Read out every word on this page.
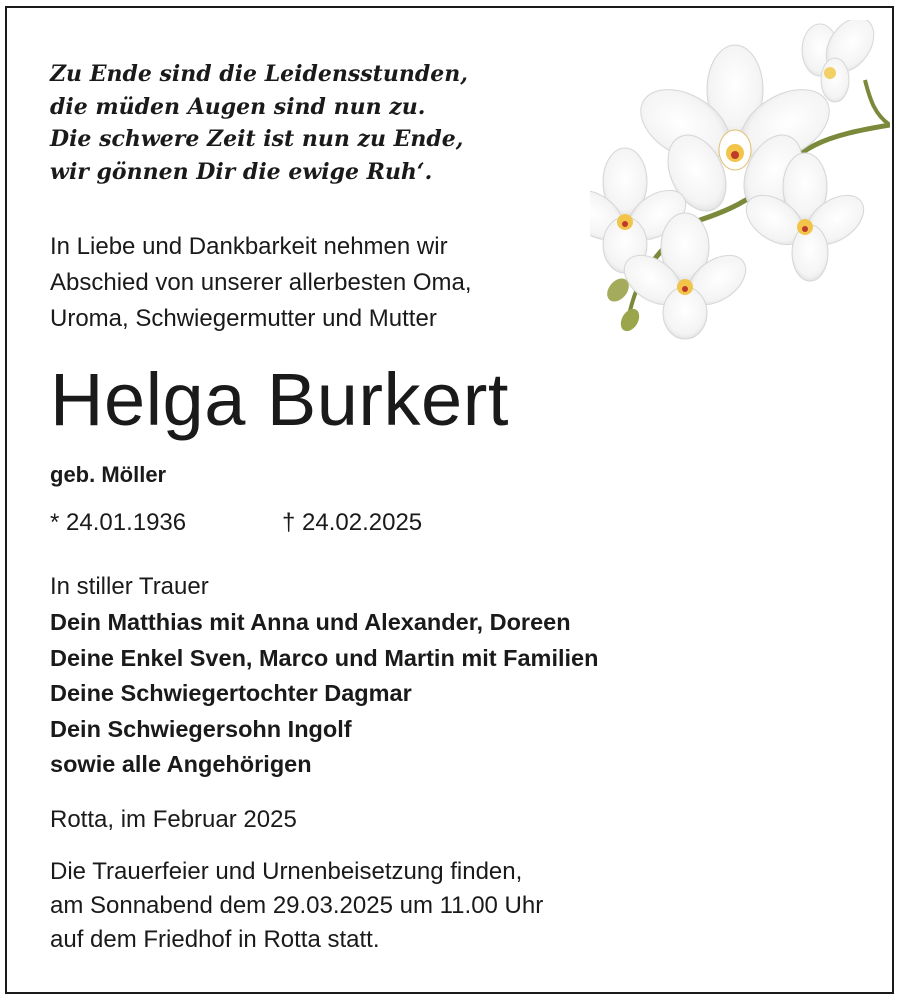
Zu Ende sind die Leidensstunden,
die müden Augen sind nun zu.
Die schwere Zeit ist nun zu Ende,
wir gönnen Dir die ewige Ruh‘.
In Liebe und Dankbarkeit nehmen wir
Abschied von unserer allerbesten Oma,
Uroma, Schwiegermutter und Mutter
Helga Burkert
geb. Möller
* 24.01.1936	† 24.02.2025
In stiller Trauer
Dein Matthias mit Anna und Alexander, Doreen
Deine Enkel Sven, Marco und Martin mit Familien
Deine Schwiegertochter Dagmar
Dein Schwiegersohn Ingolf
sowie alle Angehörigen
Rotta, im Februar 2025
Die Trauerfeier und Urnenbeisetzung finden,
am Sonnabend dem 29.03.2025 um 11.00 Uhr
auf dem Friedhof in Rotta statt.
